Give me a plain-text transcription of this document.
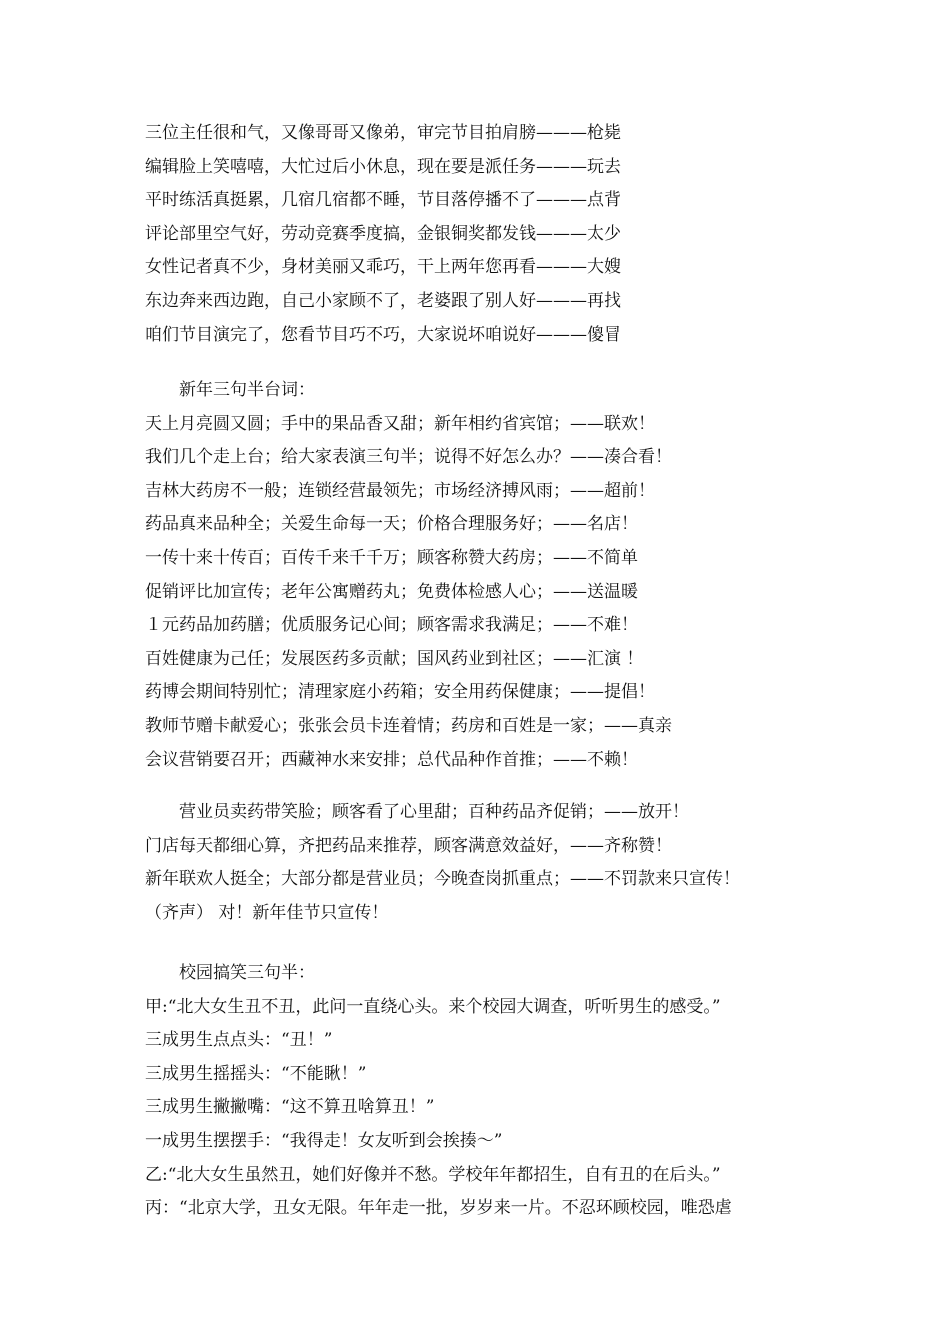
三位主任很和气，又像哥哥又像弟，审完节目拍肩膀———枪毙
编辑脸上笑嘻嘻，大忙过后小休息，现在要是派任务———玩去
平时练活真挺累，几宿几宿都不睡，节目落停播不了———点背
评论部里空气好，劳动竞赛季度搞，金银铜奖都发钱———太少
女性记者真不少，身材美丽又乖巧，干上两年您再看———大嫂
东边奔来西边跑，自己小家顾不了，老婆跟了别人好———再找
咱们节目演完了，您看节目巧不巧，大家说坏咱说好———傻冒
新年三句半台词：
天上月亮圆又圆；手中的果品香又甜；新年相约省宾馆；——联欢！
我们几个走上台；给大家表演三句半；说得不好怎么办？——凑合看！
吉林大药房不一般；连锁经营最领先；市场经济搏风雨；——超前！
药品真来品种全；关爱生命每一天；价格合理服务好；——名店！
一传十来十传百；百传千来千千万；顾客称赞大药房；——不简单
促销评比加宣传；老年公寓赠药丸；免费体检感人心；——送温暖
１元药品加药膳；优质服务记心间；顾客需求我满足；——不难！
百姓健康为己任；发展医药多贡献；国风药业到社区；——汇演 ！
药博会期间特别忙；清理家庭小药箱；安全用药保健康；——提倡！
教师节赠卡献爱心；张张会员卡连着情；药房和百姓是一家；——真亲
会议营销要召开；西藏神水来安排；总代品种作首推；——不赖！
营业员卖药带笑脸；顾客看了心里甜；百种药品齐促销；——放开！
门店每天都细心算，齐把药品来推荐，顾客满意效益好，——齐称赞！
新年联欢人挺全；大部分都是营业员；今晚查岗抓重点；——不罚款来只宣传！
（齐声） 对！新年佳节只宣传！
校园搞笑三句半：
甲:“北大女生丑不丑，此问一直绕心头。来个校园大调查，听听男生的感受。”
三成男生点点头：“丑！”
三成男生摇摇头：“不能瞅！”
三成男生撇撇嘴：“这不算丑啥算丑！”
一成男生摆摆手：“我得走！女友听到会挨揍～”
乙:“北大女生虽然丑，她们好像并不愁。学校年年都招生，自有丑的在后头。”
丙：“北京大学，丑女无限。年年走一批，岁岁来一片。不忍环顾校园，唯恐虐
